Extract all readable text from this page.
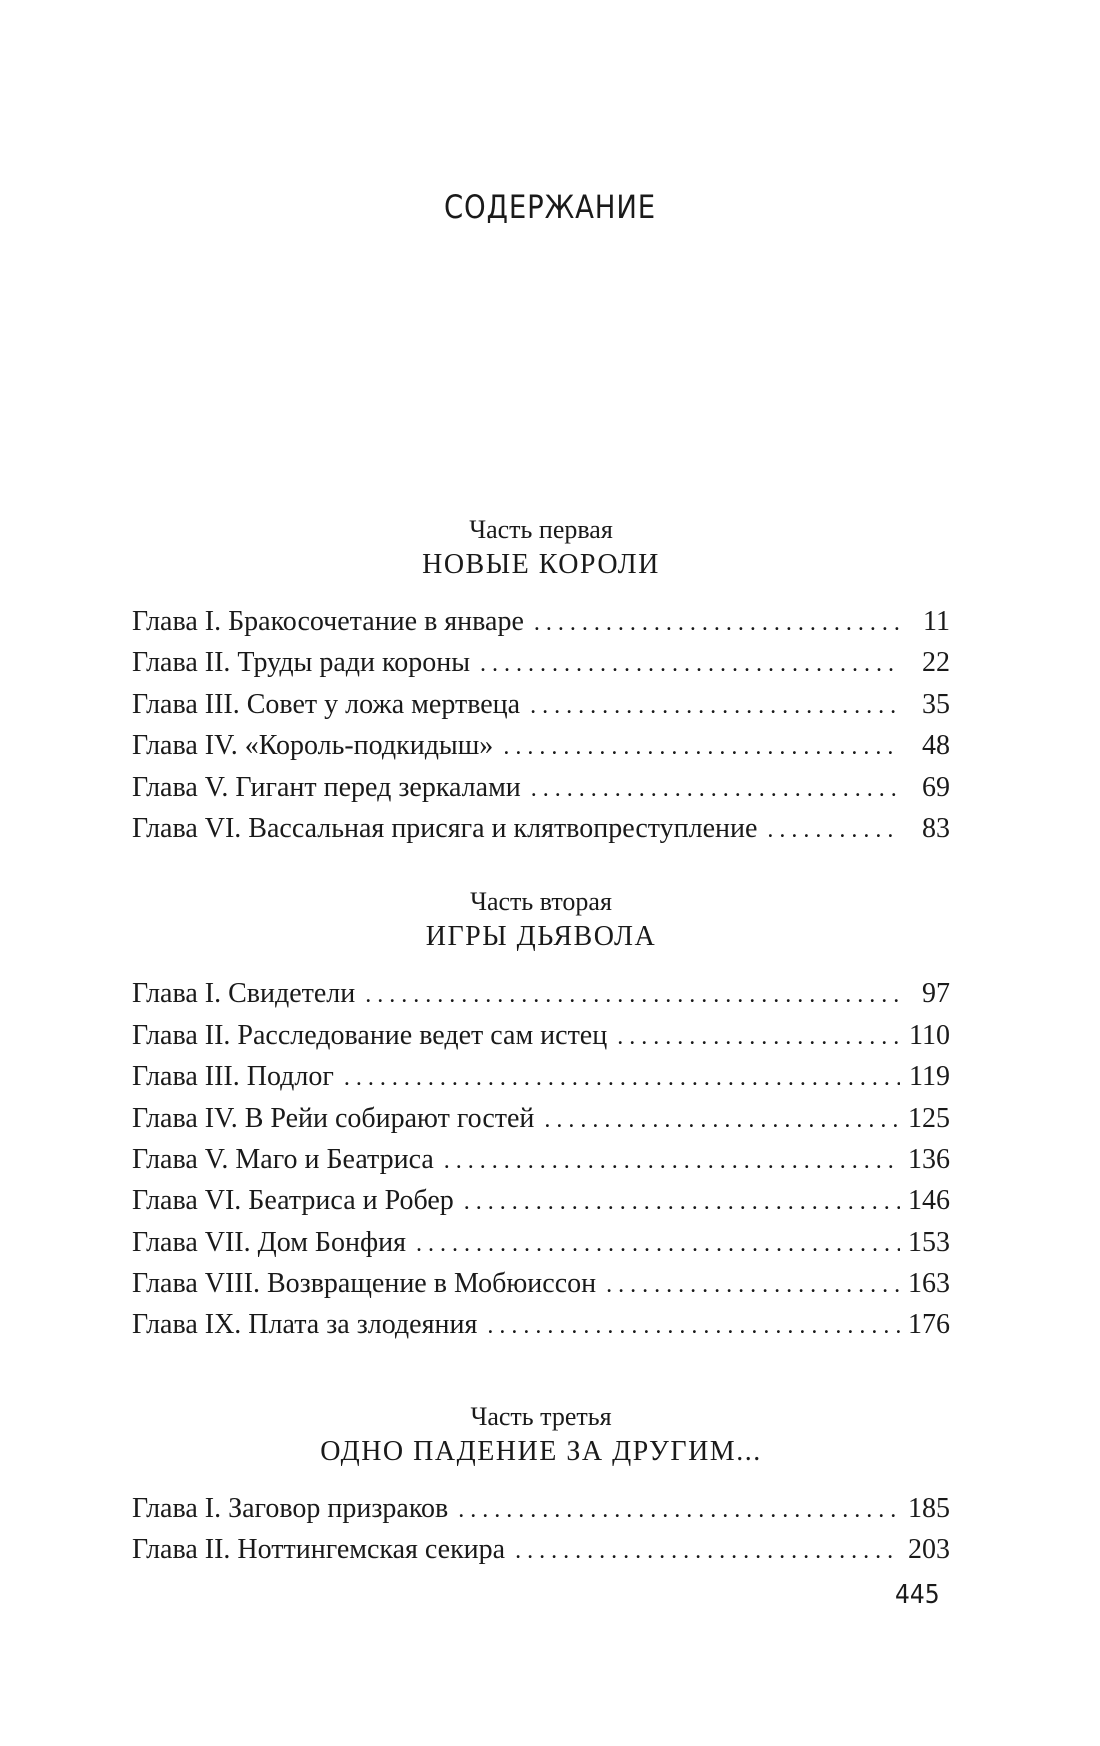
СОДЕРЖАНИЕ
Часть первая
НОВЫЕ КОРОЛИ
Глава I. Бракосочетание в январе . . .	11
Глава II. Труды ради короны . . .	22
Глава III. Совет у ложа мертвеца . . .	35
Глава IV. «Король-подкидыш» . . .	48
Глава V. Гигант перед зеркалами . . .	69
Глава VI. Вассальная присяга и клятвопреступление . . .	83
Часть вторая
ИГРЫ ДЬЯВОЛА
Глава I. Свидетели . . .	97
Глава II. Расследование ведет сам истец . . .	110
Глава III. Подлог . . .	119
Глава IV. В Рейи собирают гостей . . .	125
Глава V. Маго и Беатриса . . .	136
Глава VI. Беатриса и Робер . . .	146
Глава VII. Дом Бонфия . . .	153
Глава VIII. Возвращение в Мобюиссон . . .	163
Глава IX. Плата за злодеяния . . .	176
Часть третья
ОДНО ПАДЕНИЕ ЗА ДРУГИМ...
Глава I. Заговор призраков . . .	185
Глава II. Ноттингемская секира . . .	203
445
